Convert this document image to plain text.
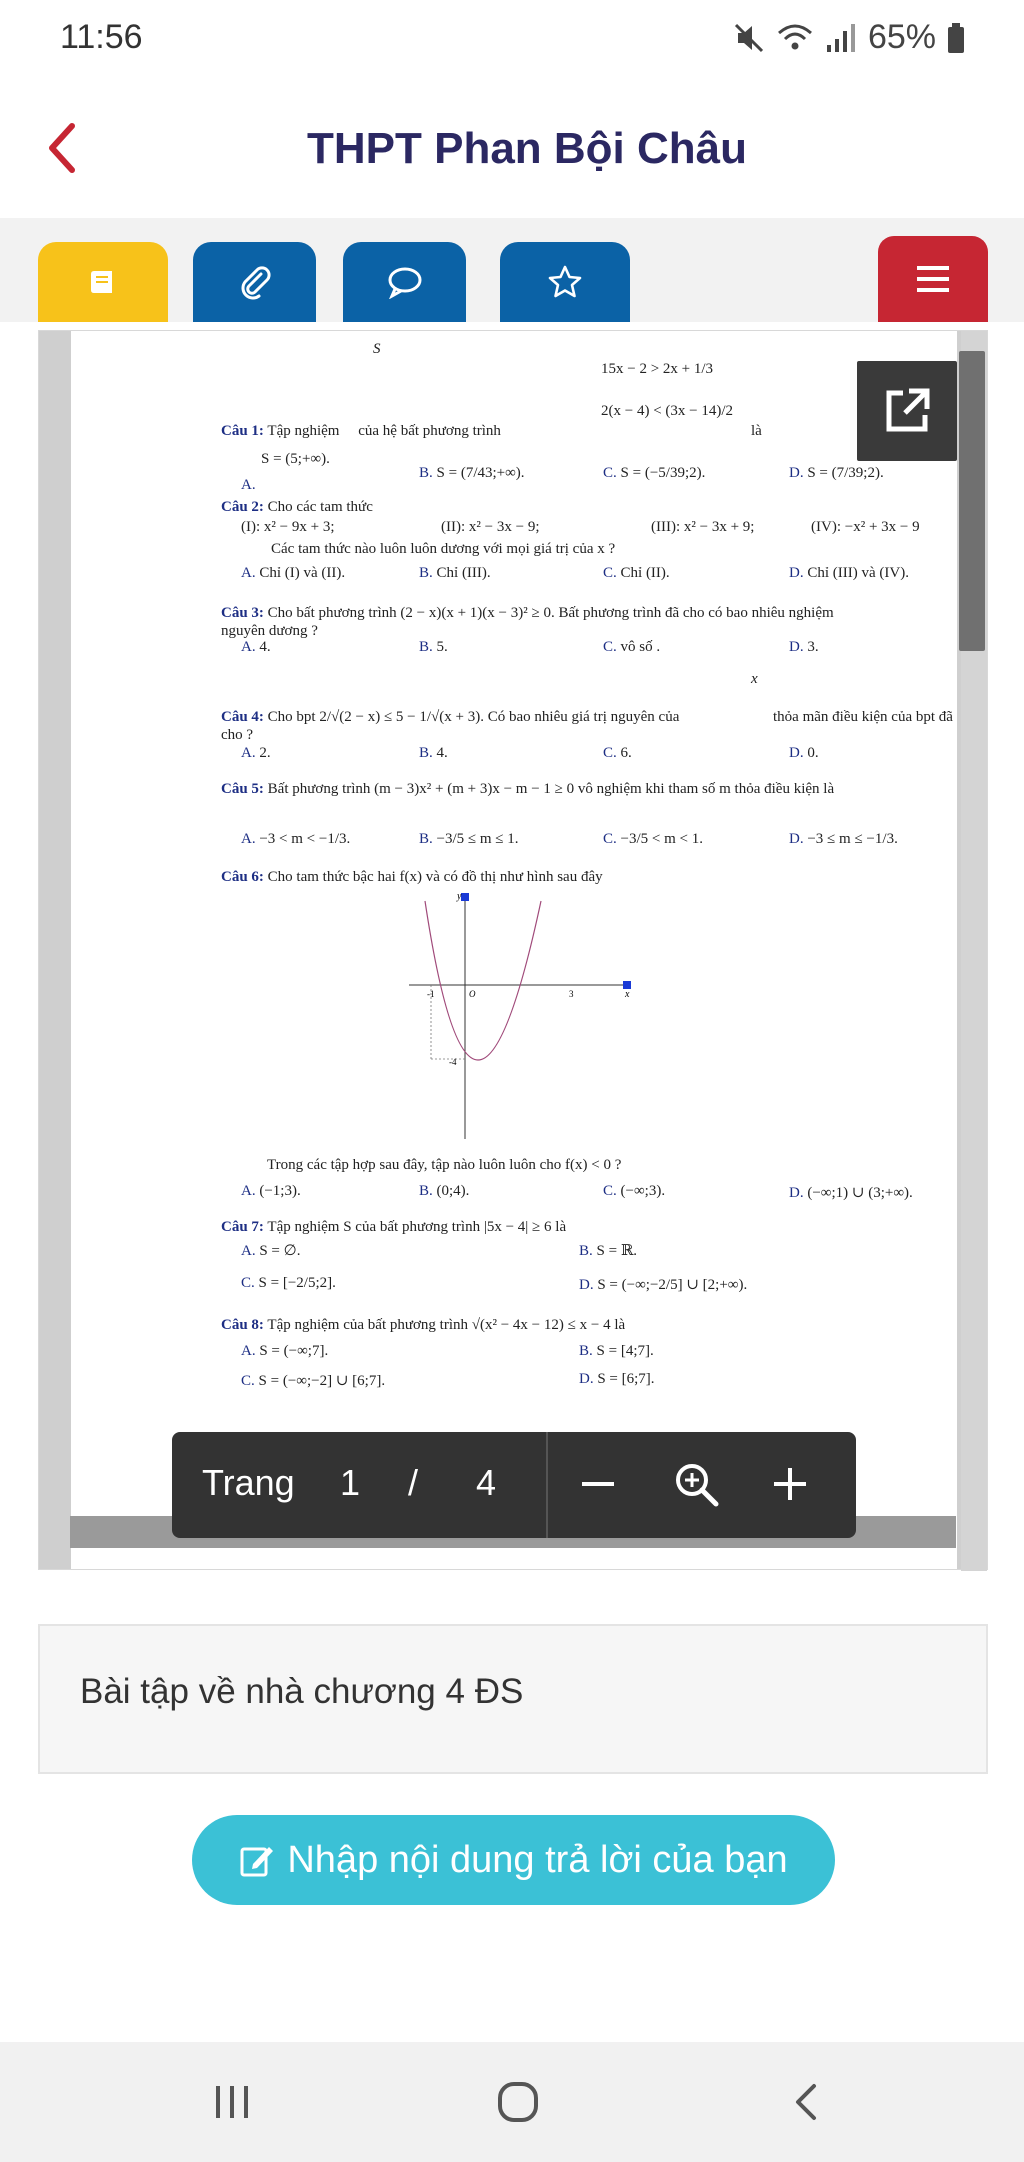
11:56	65%
THPT Phan Bội Châu
S
15x − 2 > 2x + 1/3
2(x − 4) < (3x − 14)/2
Câu 1: Tập nghiệm của hệ bất phương trình	là
S = (5;+∞).
A.
B. S = (7/43;+∞).	C. S = (−5/39;2).	D. S = (7/39;2).
Câu 2: Cho các tam thức
(I): x² − 9x + 3;	(II): x² − 3x − 9;	(III): x² − 3x + 9;	(IV): −x² + 3x − 9
Các tam thức nào luôn luôn dương với mọi giá trị của x ?
A. Chỉ (I) và (II).	B. Chỉ (III).	C. Chỉ (II).	D. Chỉ (III) và (IV).
Câu 3: Cho bất phương trình (2 − x)(x + 1)(x − 3)² ≥ 0. Bất phương trình đã cho có bao nhiêu nghiệm
nguyên dương ?
A. 4.	B. 5.	C. vô số .	D. 3.
x
Câu 4: Cho bpt 2/√(2 − x) ≤ 5 − 1/√(x + 3). Có bao nhiêu giá trị nguyên của	thỏa mãn điều kiện của bpt đã
cho ?
A. 2.	B. 4.	C. 6.	D. 0.
Câu 5: Bất phương trình (m − 3)x² + (m + 3)x − m − 1 ≥ 0 vô nghiệm khi tham số m thỏa điều kiện là
A. −3 < m < −1/3.	B. −3/5 ≤ m ≤ 1.	C. −3/5 < m < 1.	D. −3 ≤ m ≤ −1/3.
Câu 6: Cho tam thức bậc hai f(x) và có đồ thị như hình sau đây
y
x
-1	O	3
-4
Trong các tập hợp sau đây, tập nào luôn luôn cho f(x) < 0 ?
A. (−1;3).	B. (0;4).	C. (−∞;3).	D. (−∞;1) ∪ (3;+∞).
Câu 7: Tập nghiệm S của bất phương trình |5x − 4| ≥ 6 là
A. S = ∅.	B. S = ℝ.
C. S = [−2/5;2].	D. S = (−∞;−2/5] ∪ [2;+∞).
Câu 8: Tập nghiệm của bất phương trình √(x² − 4x − 12) ≤ x − 4 là
A. S = (−∞;7].	B. S = [4;7].
C. S = (−∞;−2] ∪ [6;7].	D. S = [6;7].
Trang 1 / 4
Bài tập về nhà chương 4 ĐS
Nhập nội dung trả lời của bạn
